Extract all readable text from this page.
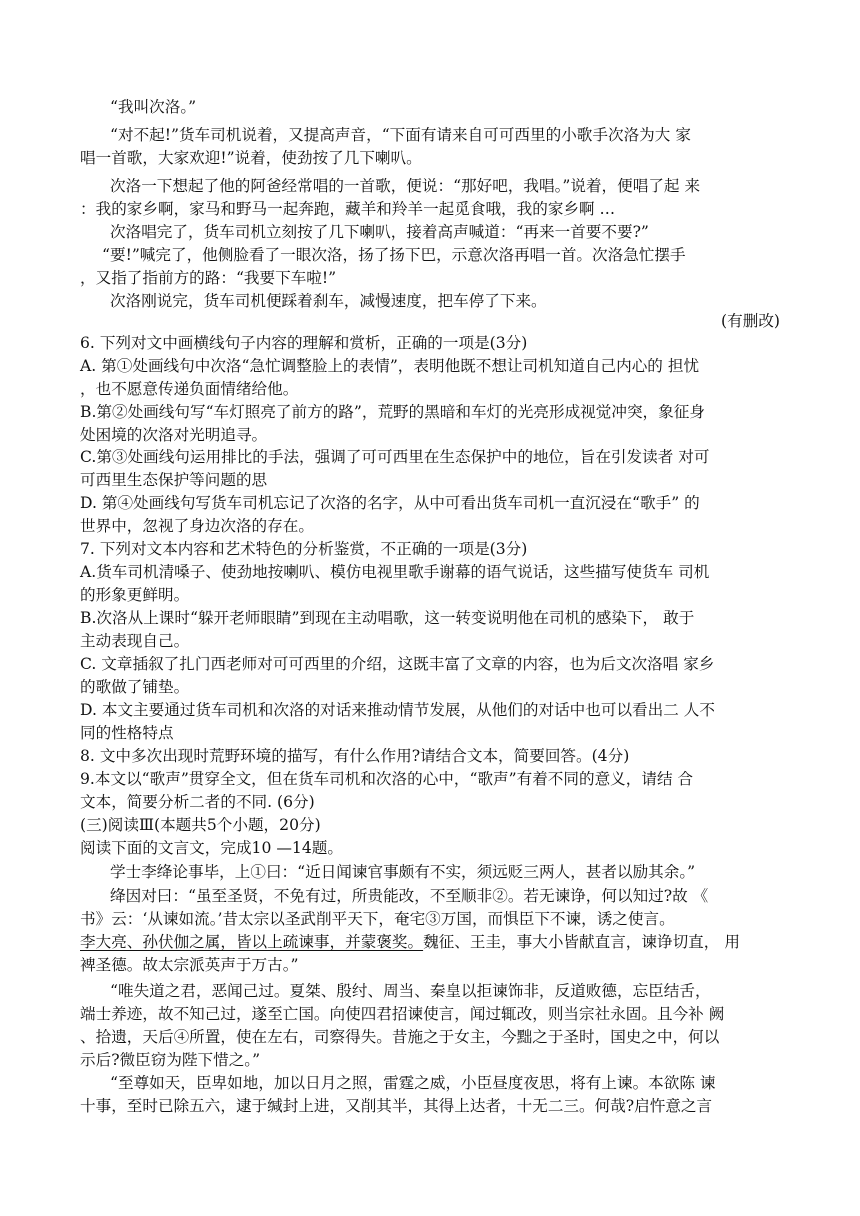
“我叫次洛。”
“对不起!”货车司机说着，又提高声音，“下面有请来自可可西里的小歌手次洛为大 家
唱一首歌，大家欢迎!”说着，使劲按了几下喇叭。
次洛一下想起了他的阿爸经常唱的一首歌，便说：“那好吧，我唱。”说着，便唱了起 来
：我的家乡啊，家马和野马一起奔跑，藏羊和羚羊一起觅食哦，我的家乡啊 …
次洛唱完了，货车司机立刻按了几下喇叭，接着高声喊道：“再来一首要不要?”
“要!”喊完了，他侧脸看了一眼次洛，扬了扬下巴，示意次洛再唱一首。次洛急忙摆手
，又指了指前方的路：“我要下车啦!”
次洛刚说完，货车司机便踩着刹车，减慢速度，把车停了下来。
(有删改)
6. 下列对文中画横线句子内容的理解和赏析，正确的一项是(3分)
A. 第①处画线句中次洛“急忙调整脸上的表情”，表明他既不想让司机知道自己内心的 担忧
，也不愿意传递负面情绪给他。
B.第②处画线句写“车灯照亮了前方的路”，荒野的黑暗和车灯的光亮形成视觉冲突，象征身
处困境的次洛对光明追寻。
C.第③处画线句运用排比的手法，强调了可可西里在生态保护中的地位，旨在引发读者 对可
可西里生态保护等问题的思
D. 第④处画线句写货车司机忘记了次洛的名字，从中可看出货车司机一直沉浸在“歌手” 的
世界中，忽视了身边次洛的存在。
7. 下列对文本内容和艺术特色的分析鉴赏，不正确的一项是(3分)
A.货车司机清嗓子、使劲地按喇叭、模仿电视里歌手谢幕的语气说话，这些描写使货车 司机
的形象更鲜明。
B.次洛从上课时“躲开老师眼睛”到现在主动唱歌，这一转变说明他在司机的感染下， 敢于
主动表现自己。
C. 文章插叙了扎门西老师对可可西里的介绍，这既丰富了文章的内容，也为后文次洛唱 家乡
的歌做了铺垫。
D. 本文主要通过货车司机和次洛的对话来推动情节发展，从他们的对话中也可以看出二 人不
同的性格特点
8. 文中多次出现时荒野环境的描写，有什么作用?请结合文本，简要回答。(4分)
9.本文以“歌声”贯穿全文，但在货车司机和次洛的心中，“歌声”有着不同的意义，请结 合
文本，简要分析二者的不同. (6分)
(三)阅读Ⅲ(本题共5个小题，20分)
阅读下面的文言文，完成10 —14题。
学士李绛论事毕，上①曰：“近日闻谏官事颇有不实，须远贬三两人，甚者以励其余。”
绛因对曰：“虽至圣贤，不免有过，所贵能改，不至顺非②。若无谏诤，何以知过?故 《
书》云：‘从谏如流。’昔太宗以圣武削平天下，奄宅③万国，而惧臣下不谏，诱之使言。
李大亮、孙伏伽之属，皆以上疏谏事，并蒙褒奖。魏征、王圭，事大小皆献直言，谏诤切直， 用
裨圣德。故太宗派英声于万古。”
“唯失道之君，恶闻己过。夏桀、殷纣、周当、秦皇以拒谏饰非，反道败德，忘臣结舌，
端士养迹，故不知己过，遂至亡国。向使四君招谏使言，闻过辄改，则当宗社永固。且今补 阙
、拾遗，天后④所置，使在左右，司察得失。昔施之于女主，今黜之于圣时，国史之中，何以
示后?微臣窃为陛下惜之。”
“至尊如天，臣卑如地，加以日月之照，雷霆之威，小臣昼度夜思，将有上谏。本欲陈 谏
十事，至时已除五六，逮于缄封上进，又削其半，其得上达者，十无二三。何哉?启忤意之言
